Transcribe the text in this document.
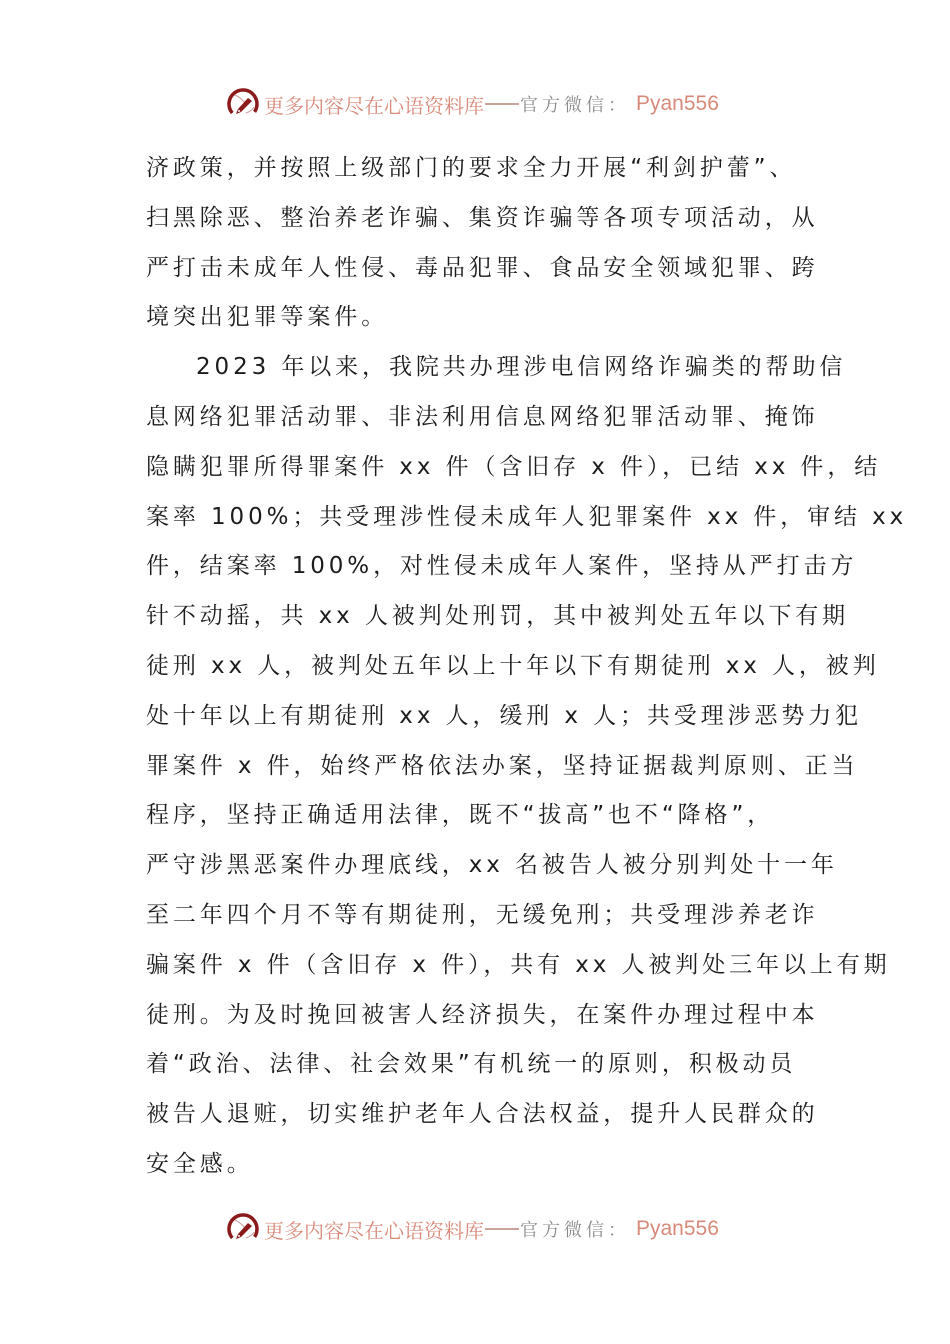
更多内容尽在心语资料库 官方微信： Pyan556
济政策，并按照上级部门的要求全力开展“利剑护蕾”、
扫黑除恶、整治养老诈骗、集资诈骗等各项专项活动，从
严打击未成年人性侵、毒品犯罪、食品安全领域犯罪、跨
境突出犯罪等案件。
2023 年以来，我院共办理涉电信网络诈骗类的帮助信
息网络犯罪活动罪、非法利用信息网络犯罪活动罪、掩饰
隐瞒犯罪所得罪案件 xx 件（含旧存 x 件），已结 xx 件，结
案率 100%；共受理涉性侵未成年人犯罪案件 xx 件，审结 xx
件，结案率 100%，对性侵未成年人案件，坚持从严打击方
针不动摇，共 xx 人被判处刑罚，其中被判处五年以下有期
徒刑 xx 人，被判处五年以上十年以下有期徒刑 xx 人，被判
处十年以上有期徒刑 xx 人，缓刑 x 人；共受理涉恶势力犯
罪案件 x 件，始终严格依法办案，坚持证据裁判原则、正当
程序，坚持正确适用法律，既不“拔高”也不“降格”，
严守涉黑恶案件办理底线，xx 名被告人被分别判处十一年
至二年四个月不等有期徒刑，无缓免刑；共受理涉养老诈
骗案件 x 件（含旧存 x 件），共有 xx 人被判处三年以上有期
徒刑。为及时挽回被害人经济损失，在案件办理过程中本
着“政治、法律、社会效果”有机统一的原则，积极动员
被告人退赃，切实维护老年人合法权益，提升人民群众的
安全感。
更多内容尽在心语资料库 官方微信： Pyan556
